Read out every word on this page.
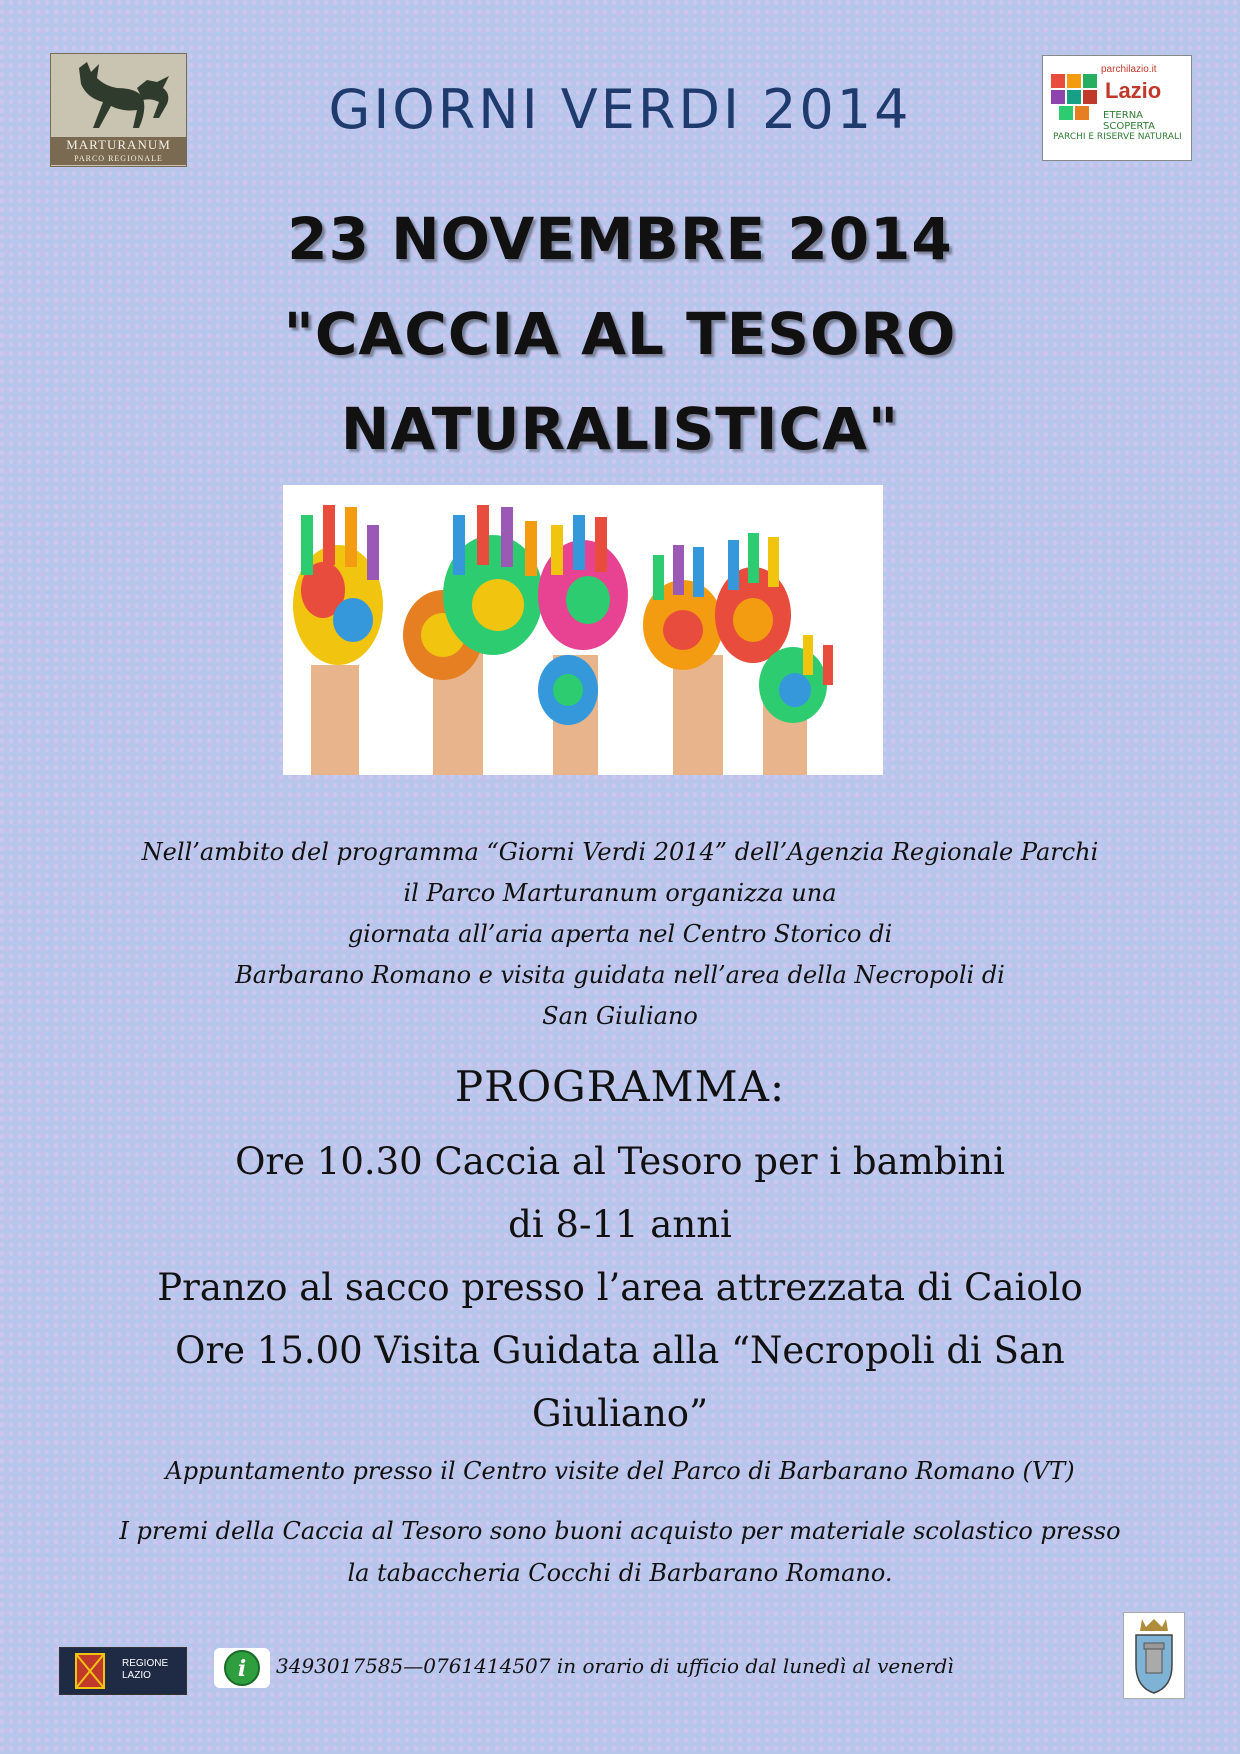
MARTURANUM
PARCO REGIONALE
GIORNI VERDI 2014
parchilazio.it
Lazio
ETERNA SCOPERTA
PARCHI E RISERVE NATURALI
23 NOVEMBRE 2014
"CACCIA AL TESORO
NATURALISTICA"
Nell’ambito del programma “Giorni Verdi 2014” dell’Agenzia Regionale Parchi
il Parco Marturanum organizza una
giornata all’aria aperta nel Centro Storico di
Barbarano Romano e visita guidata nell’area della Necropoli di
San Giuliano
PROGRAMMA:
Ore 10.30 Caccia al Tesoro per i bambini
di 8-11 anni
Pranzo al sacco presso l’area attrezzata di Caiolo
Ore 15.00 Visita Guidata alla “Necropoli di San
Giuliano”
Appuntamento presso il Centro visite del Parco di Barbarano Romano (VT)
I premi della Caccia al Tesoro sono buoni acquisto per materiale scolastico presso
la tabaccheria Cocchi di Barbarano Romano.
REGIONE
LAZIO	i 3493017585—0761414507 in orario di ufficio dal lunedì al venerdì
